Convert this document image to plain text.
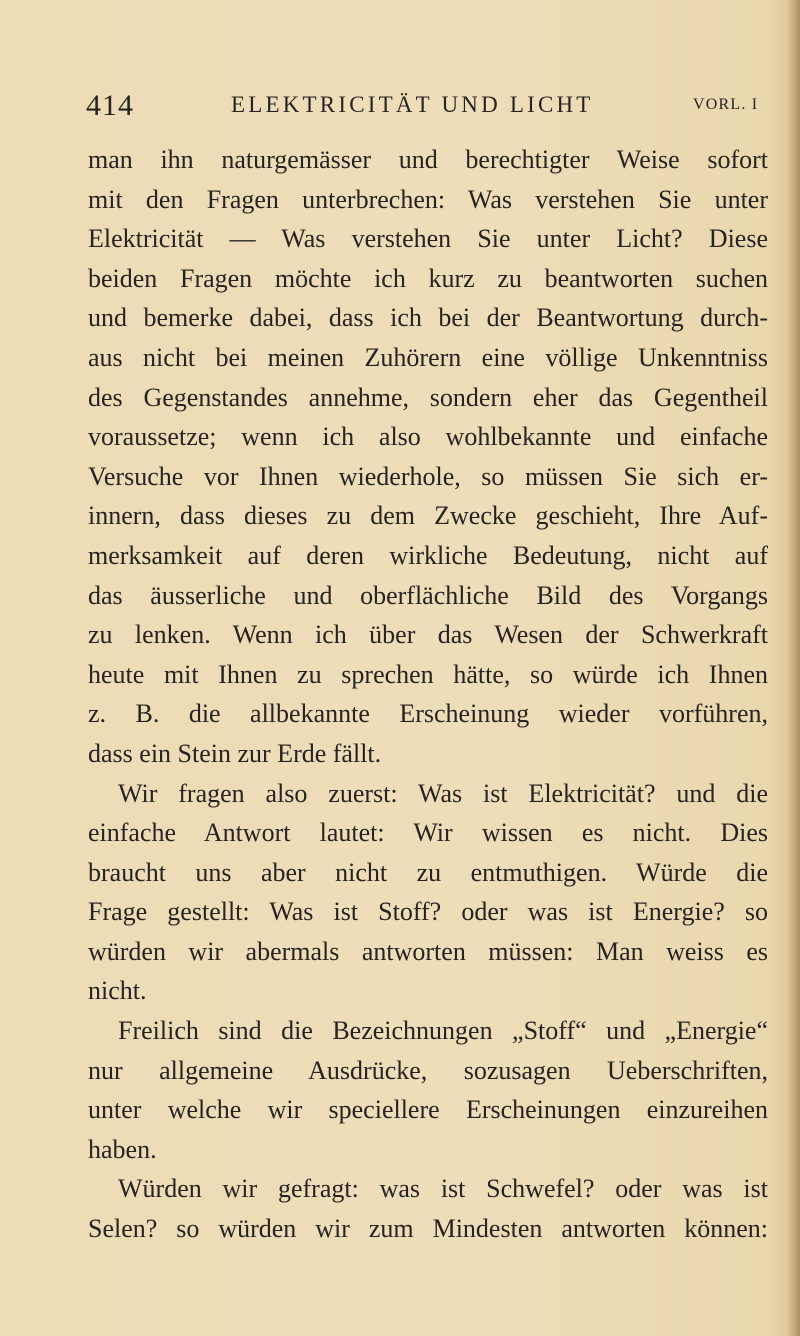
414	ELEKTRICITÄT UND LICHT	VORL. I
man ihn naturgemässer und berechtigter Weise sofort
mit den Fragen unterbrechen: Was verstehen Sie unter
Elektricität — Was verstehen Sie unter Licht? Diese
beiden Fragen möchte ich kurz zu beantworten suchen
und bemerke dabei, dass ich bei der Beantwortung durch-
aus nicht bei meinen Zuhörern eine völlige Unkenntniss
des Gegenstandes annehme, sondern eher das Gegentheil
voraussetze; wenn ich also wohlbekannte und einfache
Versuche vor Ihnen wiederhole, so müssen Sie sich er-
innern, dass dieses zu dem Zwecke geschieht, Ihre Auf-
merksamkeit auf deren wirkliche Bedeutung, nicht auf
das äusserliche und oberflächliche Bild des Vorgangs
zu lenken. Wenn ich über das Wesen der Schwerkraft
heute mit Ihnen zu sprechen hätte, so würde ich Ihnen
z. B. die allbekannte Erscheinung wieder vorführen,
dass ein Stein zur Erde fällt.
Wir fragen also zuerst: Was ist Elektricität? und die
einfache Antwort lautet: Wir wissen es nicht. Dies
braucht uns aber nicht zu entmuthigen. Würde die
Frage gestellt: Was ist Stoff? oder was ist Energie? so
würden wir abermals antworten müssen: Man weiss es
nicht.
Freilich sind die Bezeichnungen „Stoff“ und „Energie“
nur allgemeine Ausdrücke, sozusagen Ueberschriften,
unter welche wir speciellere Erscheinungen einzureihen
haben.
Würden wir gefragt: was ist Schwefel? oder was ist
Selen? so würden wir zum Mindesten antworten können:
